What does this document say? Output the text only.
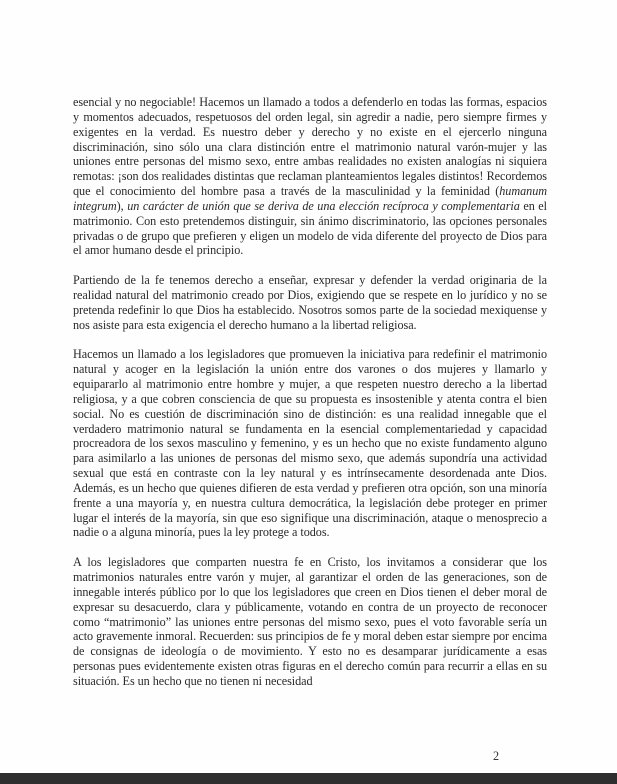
esencial y no negociable! Hacemos un llamado a todos a defenderlo en todas las formas, espacios y momentos adecuados, respetuosos del orden legal, sin agredir a nadie, pero siempre firmes y exigentes en la verdad. Es nuestro deber y derecho y no existe en el ejercerlo ninguna discriminación, sino sólo una clara distinción entre el matrimonio natural varón-mujer y las uniones entre personas del mismo sexo, entre ambas realidades no existen analogías ni siquiera remotas: ¡son dos realidades distintas que reclaman planteamientos legales distintos! Recordemos que el conocimiento del hombre pasa a través de la masculinidad y la feminidad (humanum integrum), un carácter de unión que se deriva de una elección recíproca y complementaria en el matrimonio. Con esto pretendemos distinguir, sin ánimo discriminatorio, las opciones personales privadas o de grupo que prefieren y eligen un modelo de vida diferente del proyecto de Dios para el amor humano desde el principio.

Partiendo de la fe tenemos derecho a enseñar, expresar y defender la verdad originaria de la realidad natural del matrimonio creado por Dios, exigiendo que se respete en lo jurídico y no se pretenda redefinir lo que Dios ha establecido. Nosotros somos parte de la sociedad mexiquense y nos asiste para esta exigencia el derecho humano a la libertad religiosa.

Hacemos un llamado a los legisladores que promueven la iniciativa para redefinir el matrimonio natural y acoger en la legislación la unión entre dos varones o dos mujeres y llamarlo y equipararlo al matrimonio entre hombre y mujer, a que respeten nuestro derecho a la libertad religiosa, y a que cobren consciencia de que su propuesta es insostenible y atenta contra el bien social. No es cuestión de discriminación sino de distinción: es una realidad innegable que el verdadero matrimonio natural se fundamenta en la esencial complementariedad y capacidad procreadora de los sexos masculino y femenino, y es un hecho que no existe fundamento alguno para asimilarlo a las uniones de personas del mismo sexo, que además supondría una actividad sexual que está en contraste con la ley natural y es intrínsecamente desordenada ante Dios. Además, es un hecho que quienes difieren de esta verdad y prefieren otra opción, son una minoría frente a una mayoría y, en nuestra cultura democrática, la legislación debe proteger en primer lugar el interés de la mayoría, sin que eso signifique una discriminación, ataque o menosprecio a nadie o a alguna minoría, pues la ley protege a todos.

A los legisladores que comparten nuestra fe en Cristo, los invitamos a considerar que los matrimonios naturales entre varón y mujer, al garantizar el orden de las generaciones, son de innegable interés público por lo que los legisladores que creen en Dios tienen el deber moral de expresar su desacuerdo, clara y públicamente, votando en contra de un proyecto de reconocer como “matrimonio” las uniones entre personas del mismo sexo, pues el voto favorable sería un acto gravemente inmoral. Recuerden: sus principios de fe y moral deben estar siempre por encima de consignas de ideología o de movimiento. Y esto no es desamparar jurídicamente a esas personas pues evidentemente existen otras figuras en el derecho común para recurrir a ellas en su situación. Es un hecho que no tienen ni necesidad

2
